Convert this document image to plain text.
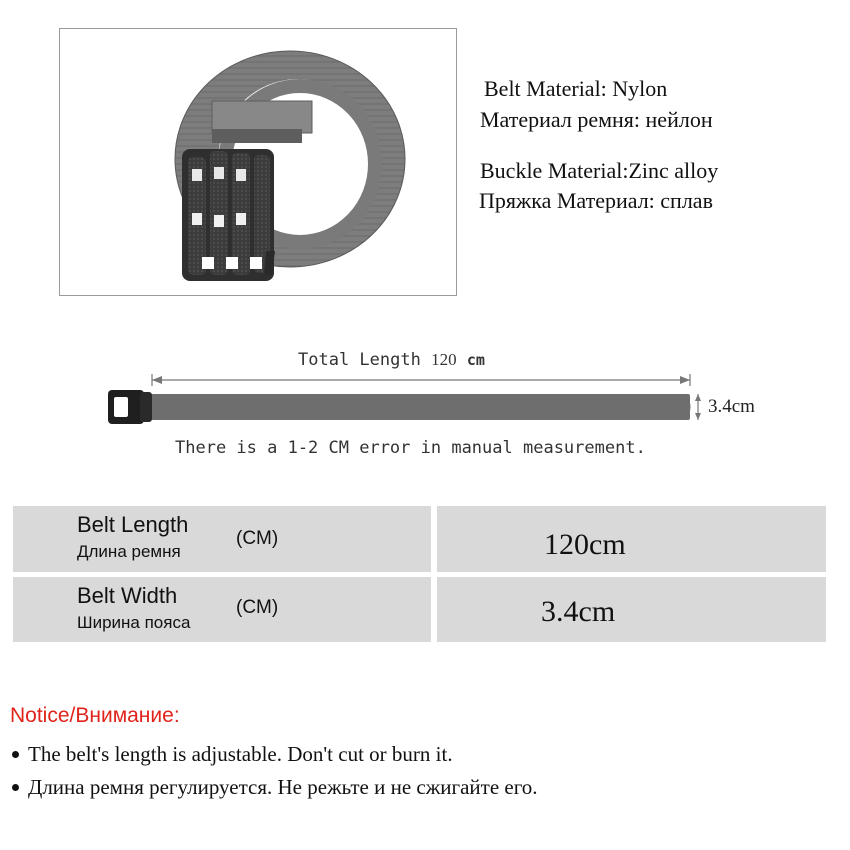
Belt Material: Nylon
Материал ремня: нейлон
Buckle Material:Zinc alloy
Пряжка Материал: сплав
Total Length 120 cm
3.4cm
There is a 1-2 CM error in manual measurement.
Belt Length
Длина ремня
(CM)	120cm
Belt Width
Ширина пояса
(CM)	3.4cm
Notice/Внимание:
The belt's length is adjustable. Don't cut or burn it.
Длина ремня регулируется. Не режьте и не сжигайте его.
